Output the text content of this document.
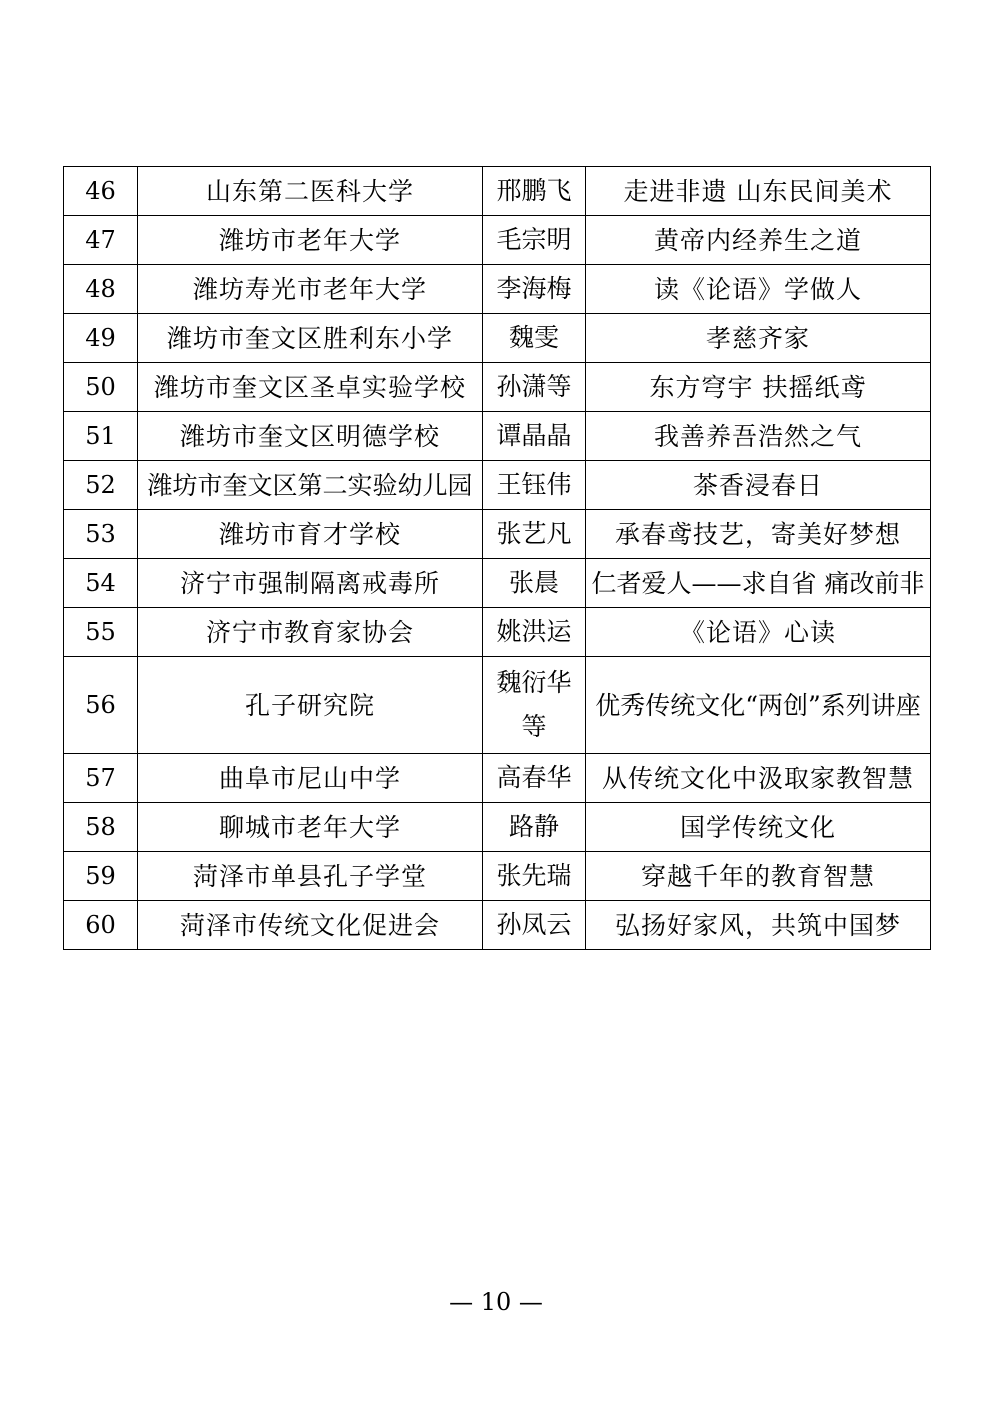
46	山东第二医科大学	邢鹏飞	走进非遗 山东民间美术
47	潍坊市老年大学	毛宗明	黄帝内经养生之道
48	潍坊寿光市老年大学	李海梅	读《论语》学做人
49	潍坊市奎文区胜利东小学	魏雯	孝慈齐家
50	潍坊市奎文区圣卓实验学校	孙潇等	东方穹宇 扶摇纸鸢
51	潍坊市奎文区明德学校	谭晶晶	我善养吾浩然之气
52	潍坊市奎文区第二实验幼儿园	王钰伟	茶香浸春日
53	潍坊市育才学校	张艺凡	承春鸢技艺，寄美好梦想
54	济宁市强制隔离戒毒所	张晨	仁者爱人——求自省 痛改前非
55	济宁市教育家协会	姚洪运	《论语》心读
56	孔子研究院	魏衍华等	优秀传统文化“两创”系列讲座
57	曲阜市尼山中学	高春华	从传统文化中汲取家教智慧
58	聊城市老年大学	路静	国学传统文化
59	菏泽市单县孔子学堂	张先瑞	穿越千年的教育智慧
60	菏泽市传统文化促进会	孙凤云	弘扬好家风，共筑中国梦
— 10 —
